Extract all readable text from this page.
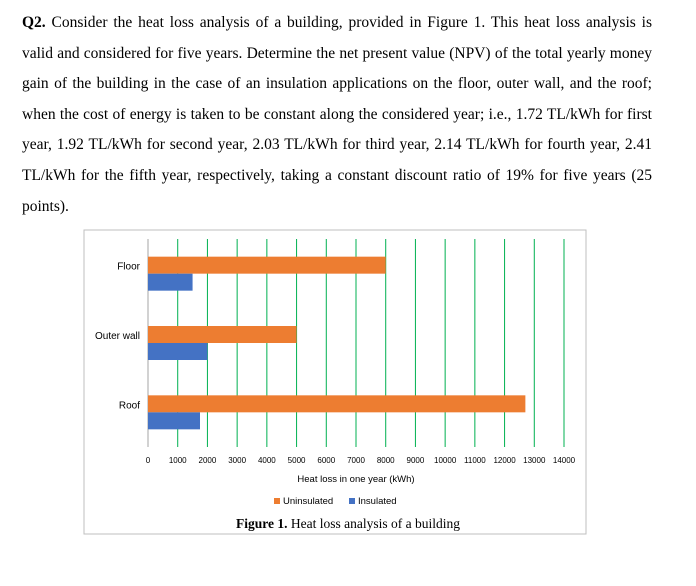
Q2. Consider the heat loss analysis of a building, provided in Figure 1. This heat loss analysis is valid and considered for five years. Determine the net present value (NPV) of the total yearly money gain of the building in the case of an insulation applications on the floor, outer wall, and the roof; when the cost of energy is taken to be constant along the considered year; i.e., 1.72 TL/kWh for first year, 1.92 TL/kWh for second year, 2.03 TL/kWh for third year, 2.14 TL/kWh for fourth year, 2.41 TL/kWh for the fifth year, respectively, taking a constant discount ratio of 19% for five years (25 points).
0 1000 2000 3000 4000 5000 6000 7000 8000 9000 10000 11000 12000 13000 14000
Floor
Outer wall
Roof
Heat loss in one year (kWh)
Uninsulated	Insulated
Figure 1. Heat loss analysis of a building
